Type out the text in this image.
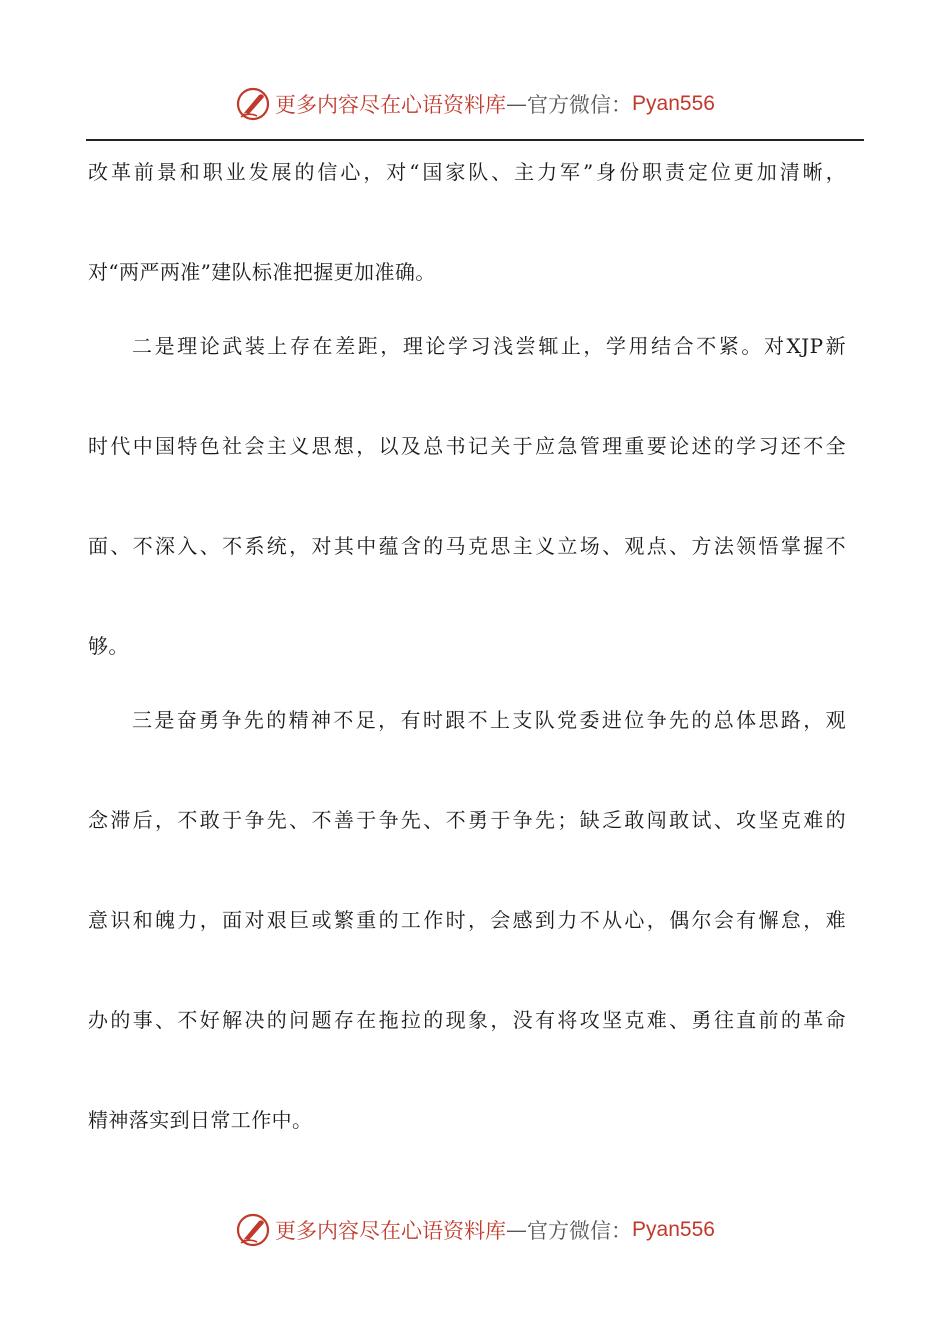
更多内容尽在心语资料库 — 官方微信： Pyan556
改革前景和职业发展的信心，对“国家队、主力军”身份职责定位更加清晰，
对“两严两准”建队标准把握更加准确。
二是理论武装上存在差距，理论学习浅尝辄止，学用结合不紧。对XJP新
时代中国特色社会主义思想，以及总书记关于应急管理重要论述的学习还不全
面、不深入、不系统，对其中蕴含的马克思主义立场、观点、方法领悟掌握不
够。
三是奋勇争先的精神不足，有时跟不上支队党委进位争先的总体思路，观
念滞后，不敢于争先、不善于争先、不勇于争先；缺乏敢闯敢试、攻坚克难的
意识和魄力，面对艰巨或繁重的工作时，会感到力不从心，偶尔会有懈怠，难
办的事、不好解决的问题存在拖拉的现象，没有将攻坚克难、勇往直前的革命
精神落实到日常工作中。
更多内容尽在心语资料库 — 官方微信： Pyan556
